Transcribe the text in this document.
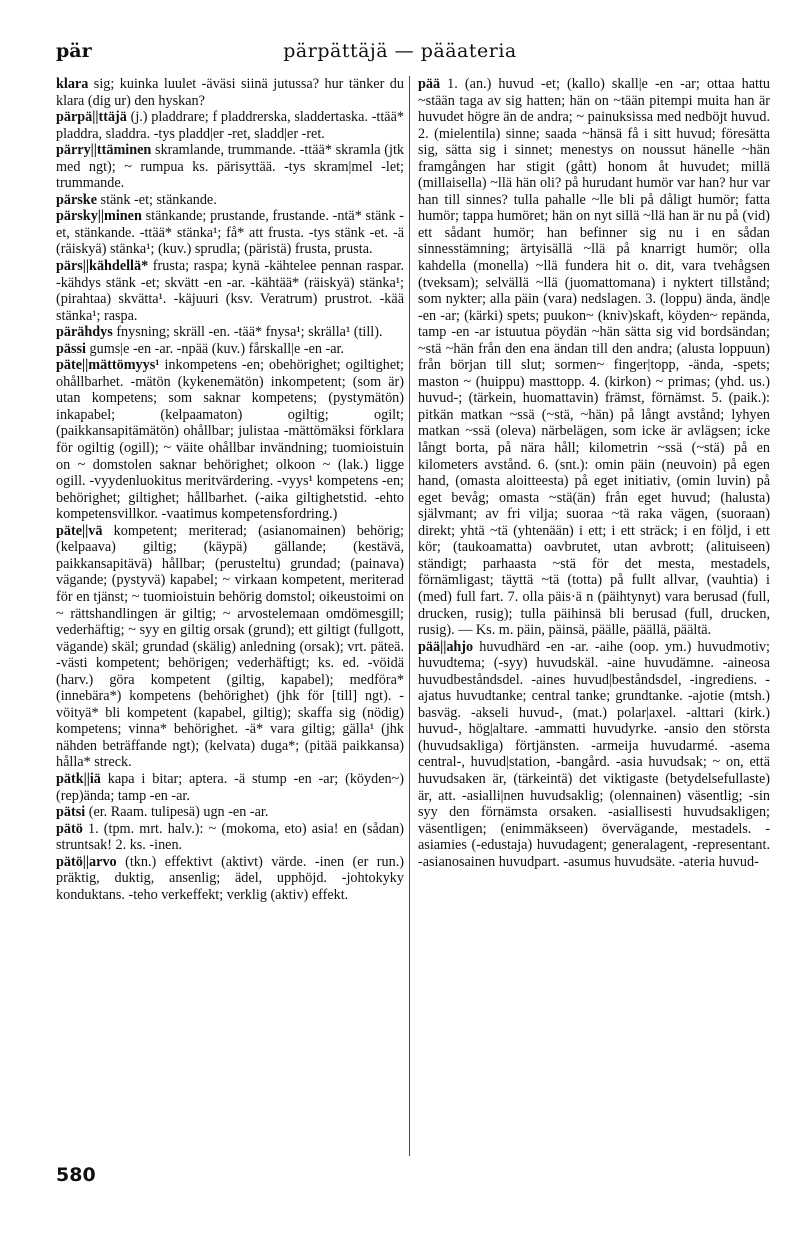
pär	pärpättäjä — pääateria

klara sig; kuinka luulet -äväsi siinä jutussa? hur tänker du klara (dig ur) den hyskan?

pärpä||ttäjä (j.) pladdrare; f pladdrerska, sladdertaska. -ttää* pladdra, sladdra. -tys pladd|er -ret, sladd|er -ret.

pärry||ttäminen skramlande, trummande. -ttää* skramla (jtk med ngt); ~ rumpua ks. pärisyttää. -tys skram|mel -let; trummande.

pärske stänk -et; stänkande.

pärsky||minen stänkande; prustande, frustande. -ntä* stänk -et, stänkande. -ttää* stänka¹; få* att frusta. -tys stänk -et. -ä (räiskyä) stänka¹; (kuv.) sprudla; (päristä) frusta, prusta.

pärs||kähdellä* frusta; raspa; kynä -kähtelee pennan raspar. -kähdys stänk -et; skvätt -en -ar. -kähtää* (räiskyä) stänka¹; (pirahtaa) skvätta¹. -käjuuri (ksv. Veratrum) prustrot. -kää stänka¹; raspa.

pärähdys fnysning; skräll -en. -tää* fnysa¹; skrälla¹ (till).

pässi gums|e -en -ar. -npää (kuv.) fårskall|e -en -ar.

päte||mättömyys¹ inkompetens -en; obehörighet; ogiltighet; ohållbarhet. -mätön (kykenemätön) inkompetent; (som är) utan kompetens; som saknar kompetens; (pystymätön) inkapabel; (kelpaamaton) ogiltig; ogilt; (paikkansapitämätön) ohållbar; julistaa -mättömäksi förklara för ogiltig (ogill); ~ väite ohållbar invändning; tuomioistuin on ~ domstolen saknar behörighet; olkoon ~ (lak.) ligge ogill. -vyydenluokitus meritvärdering. -vyys¹ kompetens -en; behörighet; giltighet; hållbarhet. (-aika giltighetstid. -ehto kompetensvillkor. -vaatimus kompetensfordring.)

päte||vä kompetent; meriterad; (asianomainen) behörig; (kelpaava) giltig; (käypä) gällande; (kestävä, paikkansapitävä) hållbar; (perusteltu) grundad; (painava) vägande; (pystyvä) kapabel; ~ virkaan kompetent, meriterad för en tjänst; ~ tuomioistuin behörig domstol; oikeustoimi on ~ rättshandlingen är giltig; ~ arvostelemaan omdömesgill; vederhäftig; ~ syy en giltig orsak (grund); ett giltigt (fullgott, vägande) skäl; grundad (skälig) anledning (orsak); vrt. päteä. -västi kompetent; behörigen; vederhäftigt; ks. ed. -vöidä (harv.) göra kompetent (giltig, kapabel); medföra* (innebära*) kompetens (behörighet) (jhk för [till] ngt). -vöityä* bli kompetent (kapabel, giltig); skaffa sig (nödig) kompetens; vinna* behörighet. -ä* vara giltig; gälla¹ (jhk nähden beträffande ngt); (kelvata) duga*; (pitää paikkansa) hålla* streck.

pätk||iä kapa i bitar; aptera. -ä stump -en -ar; (köyden~) (rep)ända; tamp -en -ar.

pätsi (er. Raam. tulipesä) ugn -en -ar.

pätö 1. (tpm. mrt. halv.): ~ (mokoma, eto) asia! en (sådan) struntsak! 2. ks. -inen.

pätö||arvo (tkn.) effektivt (aktivt) värde. -inen (er run.) präktig, duktig, ansenlig; ädel, upphöjd. -johtokyky konduktans. -teho verkeffekt; verklig (aktiv) effekt.

pää 1. (an.) huvud -et; (kallo) skall|e -en -ar; ottaa hattu ~stään taga av sig hatten; hän on ~tään pitempi muita han är huvudet högre än de andra; ~ painuksissa med nedböjt huvud. 2. (mielentila) sinne; saada ~hänsä få i sitt huvud; föresätta sig, sätta sig i sinnet; menestys on noussut hänelle ~hän framgången har stigit (gått) honom åt huvudet; millä (millaisella) ~llä hän oli? på hurudant humör var han? hur var han till sinnes? tulla pahalle ~lle bli på dåligt humör; fatta humör; tappa humöret; hän on nyt sillä ~llä han är nu på (vid) ett sådant humör; han befinner sig nu i en sådan sinnesstämning; ärtyisällä ~llä på knarrigt humör; olla kahdella (monella) ~llä fundera hit o. dit, vara tvehågsen (tveksam); selvällä ~llä (juomattomana) i nyktert tillstånd; som nykter; alla päin (vara) nedslagen. 3. (loppu) ända, änd|e -en -ar; (kärki) spets; puukon~ (kniv)skaft, köyden~ repända, tamp -en -ar istuutua pöydän ~hän sätta sig vid bordsändan; ~stä ~hän från den ena ändan till den andra; (alusta loppuun) från början till slut; sormen~ finger|topp, -ända, -spets; maston ~ (huippu) masttopp. 4. (kirkon) ~ primas; (yhd. us.) huvud-; (tärkein, huomattavin) främst, förnämst. 5. (paik.): pitkän matkan ~ssä (~stä, ~hän) på långt avstånd; lyhyen matkan ~ssä (oleva) närbelägen, som icke är avlägsen; icke långt borta, på nära håll; kilometrin ~ssä (~stä) på en kilometers avstånd. 6. (snt.): omin päin (neuvoin) på egen hand, (omasta aloitteesta) på eget initiativ, (omin luvin) på eget bevåg; omasta ~stä(än) från eget huvud; (halusta) självmant; av fri vilja; suoraa ~tä raka vägen, (suoraan) direkt; yhtä ~tä (yhtenään) i ett; i ett sträck; i en följd, i ett kör; (taukoamatta) oavbrutet, utan avbrott; (alituiseen) ständigt; parhaasta ~stä för det mesta, mestadels, förnämligast; täyttä ~tä (totta) på fullt allvar, (vauhtia) i (med) full fart. 7. olla päis·ä n (päihtynyt) vara berusad (full, drucken, rusig); tulla päihinsä bli berusad (full, drucken, rusig). — Ks. m. päin, päinsä, päälle, päällä, päältä.

pää||ahjo huvudhärd -en -ar. -aihe (oop. ym.) huvudmotiv; huvudtema; (-syy) huvudskäl. -aine huvudämne. -aineosa huvudbeståndsdel. -aines huvud|beståndsdel, -ingrediens. -ajatus huvudtanke; central tanke; grundtanke. -ajotie (mtsh.) basväg. -akseli huvud-, (mat.) polar|axel. -alttari (kirk.) huvud-, hög|altare. -ammatti huvudyrke. -ansio den största (huvudsakliga) förtjänsten. -armeija huvudarmé. -asema central-, huvud|station, -bangård. -asia huvudsak; ~ on, että huvudsaken är, (tärkeintä) det viktigaste (betydelsefullaste) är, att. -asialli|nen huvudsaklig; (olennainen) väsentlig; -sin syy den förnämsta orsaken. -asiallisesti huvudsakligen; väsentligen; (enimmäkseen) övervägande, mestadels. -asiamies (-edustaja) huvudagent; generalagent, -representant. -asianosainen huvudpart. -asumus huvudsäte. -ateria huvud-

580
